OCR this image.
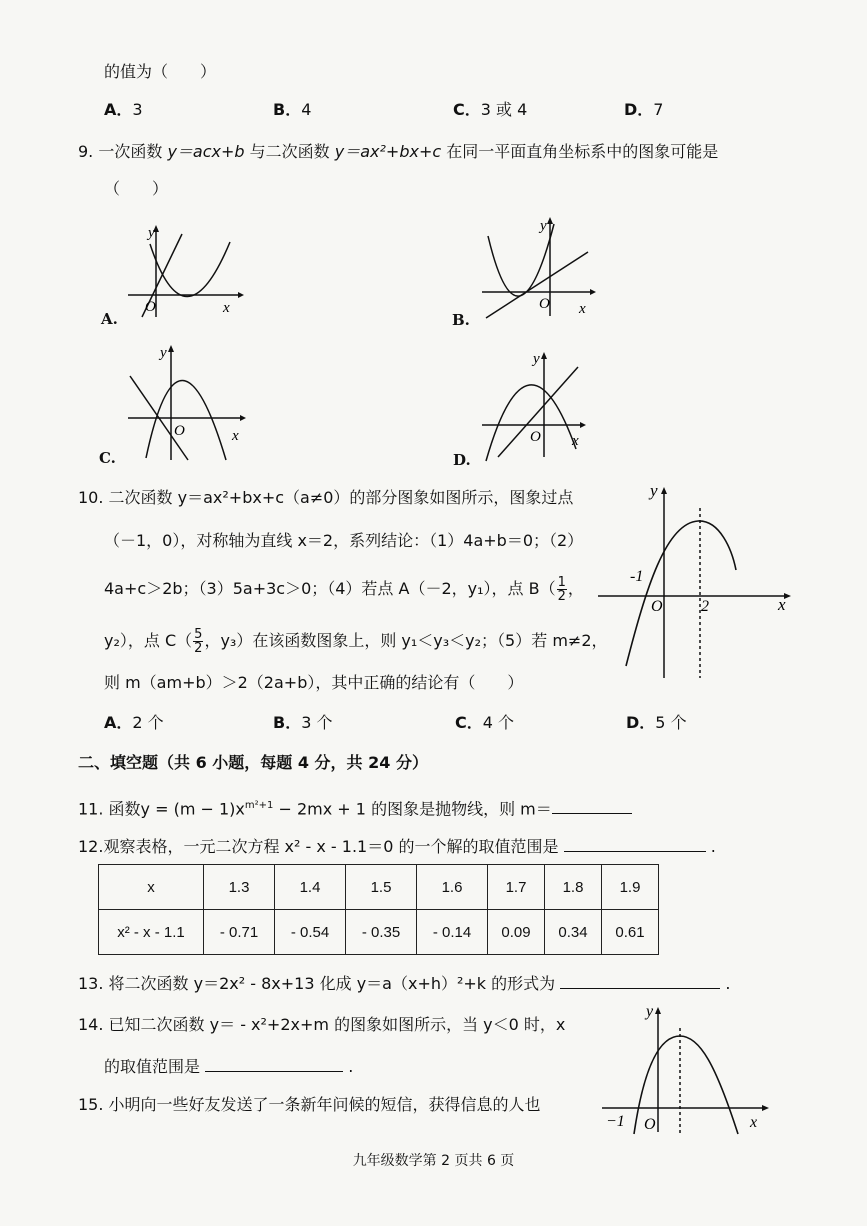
的值为（　　）
A．3	B．4	C．3 或 4	D．7
9. 一次函数 y＝acx+b 与二次函数 y＝ax²+bx+c 在同一平面直角坐标系中的图象可能是
（　　）
y
x
O
A.
y
x
O
B.
y
x
O
C.
y
x
O
D.
10. 二次函数 y＝ax²+bx+c（a≠0）的部分图象如图所示，图象过点
（－1，0），对称轴为直线 x＝2，系列结论：（1）4a+b＝0；（2）
4a+c＞2b；（3）5a+3c＞0；（4）若点 A（－2，y₁），点 $B( \frac{1}{2}$ ，
y₂），点 $C( \frac{5}{2}$ ，y₃）在该函数图象上，则 y₁＜y₃＜y₂；（5）若 m≠2，
则 m（am+b）＞2（2a+b），其中正确的结论有（　　）
y
x
O
-1
2
A．2 个	B．3 个	C．4 个	D．5 个
二、填空题（共 6 小题，每题 4 分，共 24 分）
11. 函数$y = (m - 1)x^{m^2+1} - 2mx + 1$ 的图象是抛物线，则 m＝
12.观察表格，一元二次方程 x² - x - 1.1＝0 的一个解的取值范围是	.
x	1.3	1.4	1.5	1.6	1.7	1.8	1.9
x² - x - 1.1	- 0.71	- 0.54	- 0.35	- 0.14	0.09	0.34	0.61
13. 将二次函数 y＝2x² - 8x+13 化成 y＝a（x+h）²+k 的形式为	.
14. 已知二次函数 y＝ - x²+2x+m 的图象如图所示，当 y＜0 时，x
的取值范围是	.
y
x
O
−1
15. 小明向一些好友发送了一条新年问候的短信，获得信息的人也
九年级数学第 2 页共 6 页
